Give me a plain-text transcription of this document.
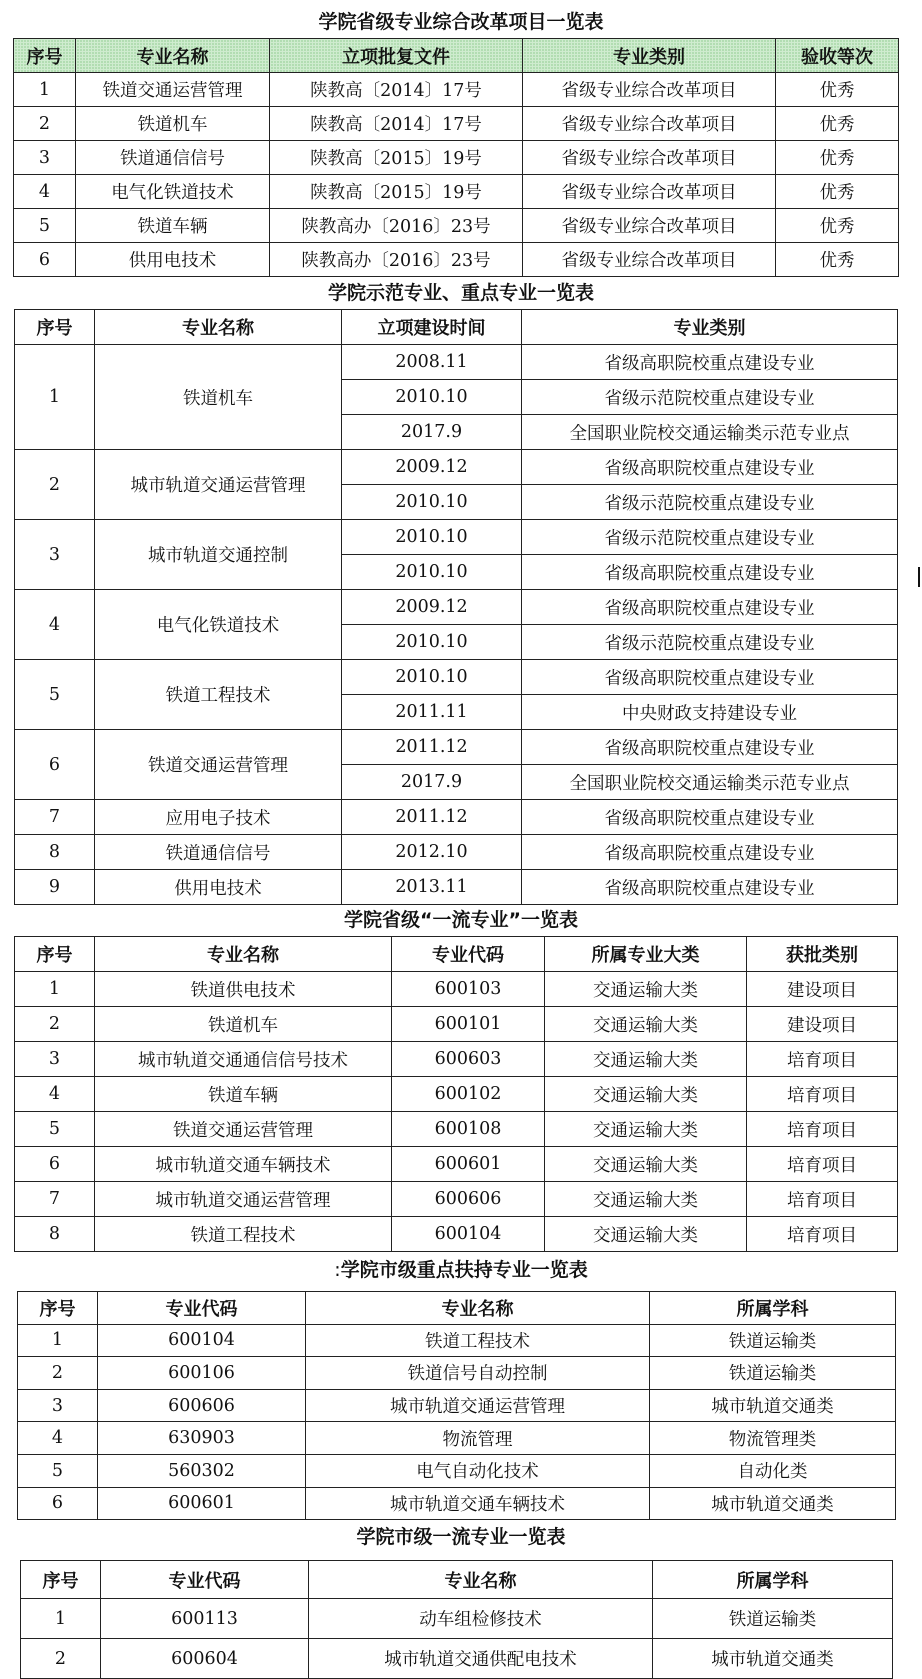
学院省级专业综合改革项目一览表
序号	专业名称	立项批复文件	专业类别	验收等次
1	铁道交通运营管理	陕教高〔2014〕17号	省级专业综合改革项目	优秀
2	铁道机车	陕教高〔2014〕17号	省级专业综合改革项目	优秀
3	铁道通信信号	陕教高〔2015〕19号	省级专业综合改革项目	优秀
4	电气化铁道技术	陕教高〔2015〕19号	省级专业综合改革项目	优秀
5	铁道车辆	陕教高办〔2016〕23号	省级专业综合改革项目	优秀
6	供用电技术	陕教高办〔2016〕23号	省级专业综合改革项目	优秀
学院示范专业、重点专业一览表
序号	专业名称	立项建设时间	专业类别
1	铁道机车	2008.11	省级高职院校重点建设专业
		2010.10	省级示范院校重点建设专业
		2017.9	全国职业院校交通运输类示范专业点
2	城市轨道交通运营管理	2009.12	省级高职院校重点建设专业
		2010.10	省级示范院校重点建设专业
3	城市轨道交通控制	2010.10	省级示范院校重点建设专业
		2010.10	省级高职院校重点建设专业
4	电气化铁道技术	2009.12	省级高职院校重点建设专业
		2010.10	省级示范院校重点建设专业
5	铁道工程技术	2010.10	省级高职院校重点建设专业
		2011.11	中央财政支持建设专业
6	铁道交通运营管理	2011.12	省级高职院校重点建设专业
		2017.9	全国职业院校交通运输类示范专业点
7	应用电子技术	2011.12	省级高职院校重点建设专业
8	铁道通信信号	2012.10	省级高职院校重点建设专业
9	供用电技术	2013.11	省级高职院校重点建设专业
学院省级“一流专业”一览表
序号	专业名称	专业代码	所属专业大类	获批类别
1	铁道供电技术	600103	交通运输大类	建设项目
2	铁道机车	600101	交通运输大类	建设项目
3	城市轨道交通通信信号技术	600603	交通运输大类	培育项目
4	铁道车辆	600102	交通运输大类	培育项目
5	铁道交通运营管理	600108	交通运输大类	培育项目
6	城市轨道交通车辆技术	600601	交通运输大类	培育项目
7	城市轨道交通运营管理	600606	交通运输大类	培育项目
8	铁道工程技术	600104	交通运输大类	培育项目
:学院市级重点扶持专业一览表
序号	专业代码	专业名称	所属学科
1	600104	铁道工程技术	铁道运输类
2	600106	铁道信号自动控制	铁道运输类
3	600606	城市轨道交通运营管理	城市轨道交通类
4	630903	物流管理	物流管理类
5	560302	电气自动化技术	自动化类
6	600601	城市轨道交通车辆技术	城市轨道交通类
学院市级一流专业一览表
序号	专业代码	专业名称	所属学科
1	600113	动车组检修技术	铁道运输类
2	600604	城市轨道交通供配电技术	城市轨道交通类
